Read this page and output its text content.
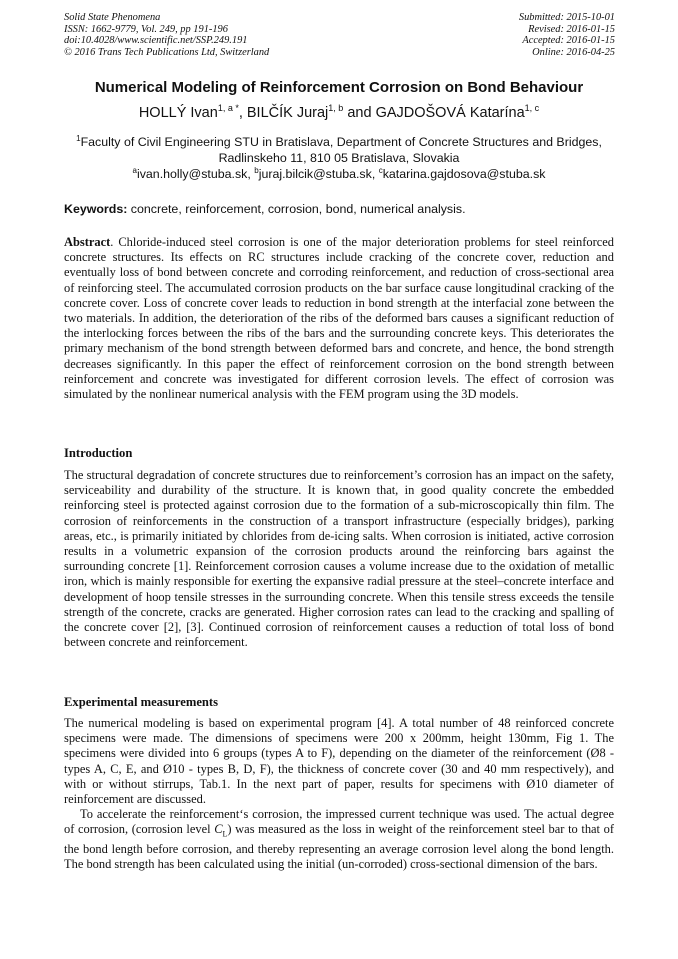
Solid State Phenomena
ISSN: 1662-9779, Vol. 249, pp 191-196
doi:10.4028/www.scientific.net/SSP.249.191
© 2016 Trans Tech Publications Ltd, Switzerland
Submitted: 2015-10-01
Revised: 2016-01-15
Accepted: 2016-01-15
Online: 2016-04-25
Numerical Modeling of Reinforcement Corrosion on Bond Behaviour
HOLLÝ Ivan$^{1, a *}$, BILČÍK Juraj$^{1, b}$ and GAJDOŠOVÁ Katarína$^{1, c}$
$^1$Faculty of Civil Engineering STU in Bratislava, Department of Concrete Structures and Bridges, Radlinskeho 11, 810 05 Bratislava, Slovakia
$^a$ivan.holly@stuba.sk, $^b$juraj.bilcik@stuba.sk, $^c$katarina.gajdosova@stuba.sk
Keywords: concrete, reinforcement, corrosion, bond, numerical analysis.
Abstract. Chloride-induced steel corrosion is one of the major deterioration problems for steel reinforced concrete structures. Its effects on RC structures include cracking of the concrete cover, reduction and eventually loss of bond between concrete and corroding reinforcement, and reduction of cross-sectional area of reinforcing steel. The accumulated corrosion products on the bar surface cause longitudinal cracking of the concrete cover. Loss of concrete cover leads to reduction in bond strength at the interfacial zone between the two materials. In addition, the deterioration of the ribs of the deformed bars causes a significant reduction of the interlocking forces between the ribs of the bars and the surrounding concrete keys. This deteriorates the primary mechanism of the bond strength between deformed bars and concrete, and hence, the bond strength decreases significantly. In this paper the effect of reinforcement corrosion on the bond strength between reinforcement and concrete was investigated for different corrosion levels. The effect of corrosion was simulated by the nonlinear numerical analysis with the FEM program using the 3D models.
Introduction
The structural degradation of concrete structures due to reinforcement’s corrosion has an impact on the safety, serviceability and durability of the structure. It is known that, in good quality concrete the embedded reinforcing steel is protected against corrosion due to the formation of a sub-microscopically thin film. The corrosion of reinforcements in the construction of a transport infrastructure (especially bridges), parking areas, etc., is primarily initiated by chlorides from de-icing salts. When corrosion is initiated, active corrosion results in a volumetric expansion of the corrosion products around the reinforcing bars against the surrounding concrete [1]. Reinforcement corrosion causes a volume increase due to the oxidation of metallic iron, which is mainly responsible for exerting the expansive radial pressure at the steel–concrete interface and development of hoop tensile stresses in the surrounding concrete. When this tensile stress exceeds the tensile strength of the concrete, cracks are generated. Higher corrosion rates can lead to the cracking and spalling of the concrete cover [2], [3]. Continued corrosion of reinforcement causes a reduction of total loss of bond between concrete and reinforcement.
Experimental measurements

The numerical modeling is based on experimental program [4]. A total number of 48 reinforced concrete specimens were made. The dimensions of specimens were 200 x 200mm, height 130mm, Fig 1. The specimens were divided into 6 groups (types A to F), depending on the diameter of the reinforcement (Ø8 - types A, C, E, and Ø10 - types B, D, F), the thickness of concrete cover (30 and 40 mm respectively), and with or without stirrups, Tab.1. In the next part of paper, results for specimens with Ø10 diameter of reinforcement are discussed.

To accelerate the reinforcement‘s corrosion, the impressed current technique was used. The actual degree of corrosion, (corrosion level $C_L$) was measured as the loss in weight of the reinforcement steel bar to that of the bond length before corrosion, and thereby representing an average corrosion level along the bond length. The bond strength has been calculated using the initial (un-corroded) cross-sectional dimension of the bars.
